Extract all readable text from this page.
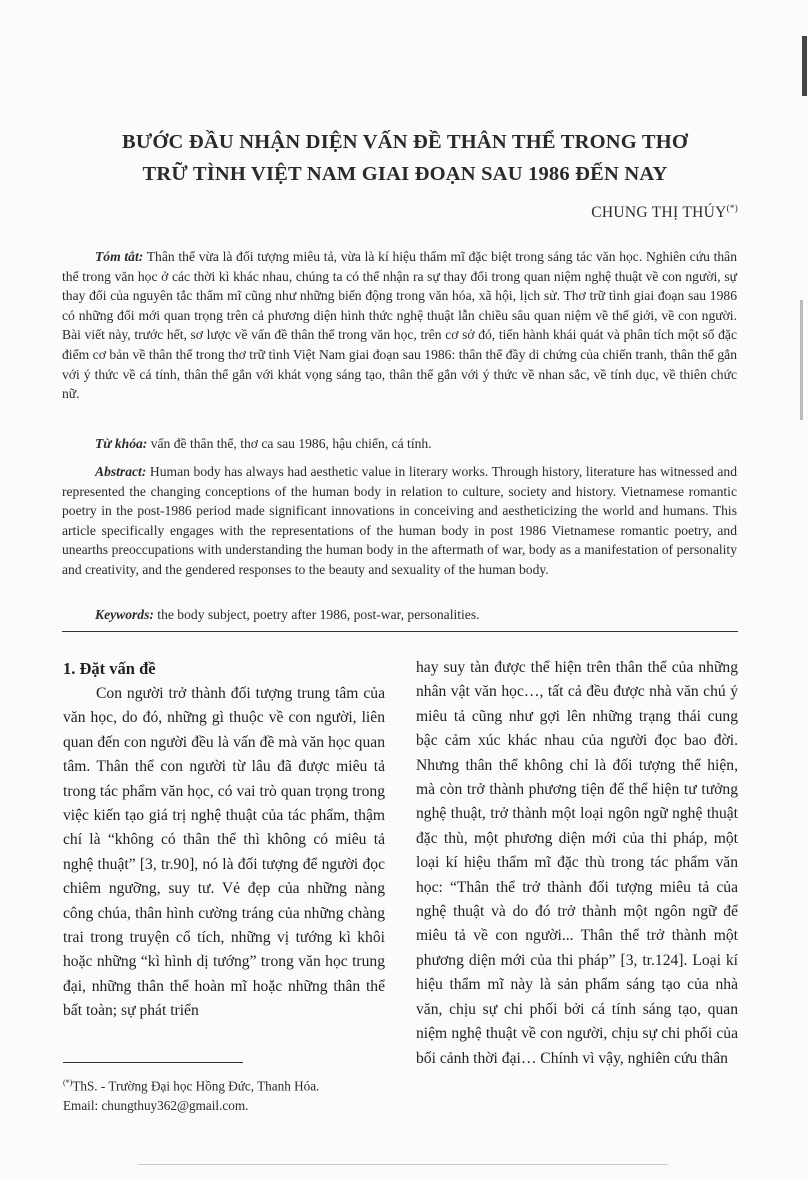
BƯỚC ĐẦU NHẬN DIỆN VẤN ĐỀ THÂN THỂ TRONG THƠ
TRỮ TÌNH VIỆT NAM GIAI ĐOẠN SAU 1986 ĐẾN NAY
CHUNG THỊ THÚY(*)
Tóm tắt: Thân thể vừa là đối tượng miêu tả, vừa là kí hiệu thẩm mĩ đặc biệt trong sáng tác văn học. Nghiên cứu thân thể trong văn học ở các thời kì khác nhau, chúng ta có thể nhận ra sự thay đổi trong quan niệm nghệ thuật về con người, sự thay đổi của nguyên tắc thẩm mĩ cũng như những biến động trong văn hóa, xã hội, lịch sử. Thơ trữ tình giai đoạn sau 1986 có những đổi mới quan trọng trên cả phương diện hình thức nghệ thuật lẫn chiều sâu quan niệm về thế giới, về con người. Bài viết này, trước hết, sơ lược về vấn đề thân thể trong văn học, trên cơ sở đó, tiến hành khái quát và phân tích một số đặc điểm cơ bản về thân thể trong thơ trữ tình Việt Nam giai đoạn sau 1986: thân thể đầy di chứng của chiến tranh, thân thể gắn với ý thức về cá tính, thân thể gắn với khát vọng sáng tạo, thân thể gắn với ý thức về nhan sắc, về tính dục, về thiên chức nữ.
Từ khóa: vấn đề thân thể, thơ ca sau 1986, hậu chiến, cá tính.
Abstract: Human body has always had aesthetic value in literary works. Through history, literature has witnessed and represented the changing conceptions of the human body in relation to culture, society and history. Vietnamese romantic poetry in the post-1986 period made significant innovations in conceiving and aestheticizing the world and humans. This article specifically engages with the representations of the human body in post 1986 Vietnamese romantic poetry, and unearths preoccupations with understanding the human body in the aftermath of war, body as a manifestation of personality and creativity, and the gendered responses to the beauty and sexuality of the human body.
Keywords: the body subject, poetry after 1986, post-war, personalities.

1. Đặt vấn đề

Con người trở thành đối tượng trung tâm của văn học, do đó, những gì thuộc về con người, liên quan đến con người đều là vấn đề mà văn học quan tâm. Thân thể con người từ lâu đã được miêu tả trong tác phẩm văn học, có vai trò quan trọng trong việc kiến tạo giá trị nghệ thuật của tác phẩm, thậm chí là “không có thân thể thì không có miêu tả nghệ thuật” [3, tr.90], nó là đối tượng để người đọc chiêm ngưỡng, suy tư. Vẻ đẹp của những nàng công chúa, thân hình cường tráng của những chàng trai trong truyện cổ tích, những vị tướng kì khôi hoặc những “kì hình dị tướng” trong văn học trung đại, những thân thể hoàn mĩ hoặc những thân thể bất toàn; sự phát triển

hay suy tàn được thể hiện trên thân thể của những nhân vật văn học…, tất cả đều được nhà văn chú ý miêu tả cũng như gợi lên những trạng thái cung bậc cảm xúc khác nhau của người đọc bao đời. Nhưng thân thể không chỉ là đối tượng thể hiện, mà còn trở thành phương tiện để thể hiện tư tưởng nghệ thuật, trở thành một loại ngôn ngữ nghệ thuật đặc thù, một phương diện mới của thi pháp, một loại kí hiệu thẩm mĩ đặc thù trong tác phẩm văn học: “Thân thể trở thành đối tượng miêu tả của nghệ thuật và do đó trở thành một ngôn ngữ để miêu tả về con người... Thân thể trở thành một phương diện mới của thi pháp” [3, tr.124]. Loại kí hiệu thẩm mĩ này là sản phẩm sáng tạo của nhà văn, chịu sự chi phối bởi cá tính sáng tạo, quan niệm nghệ thuật về con người, chịu sự chi phối của bối cảnh thời đại… Chính vì vậy, nghiên cứu thân

(*)ThS. - Trường Đại học Hồng Đức, Thanh Hóa.
Email: chungthuy362@gmail.com.
